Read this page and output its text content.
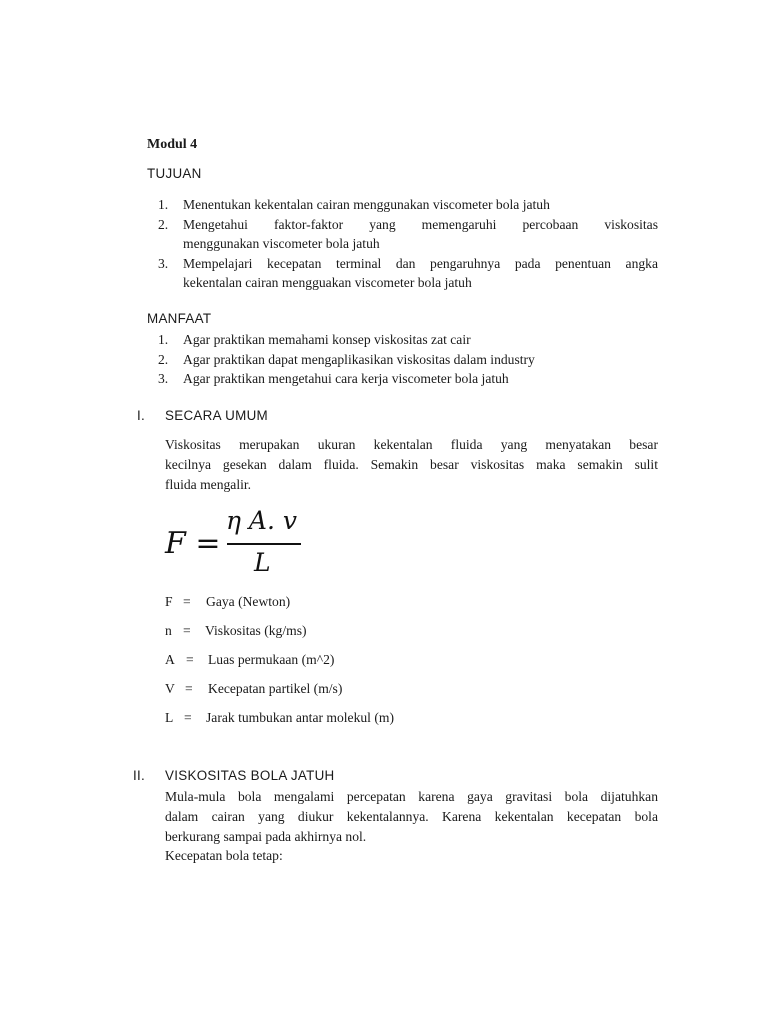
Modul 4
TUJUAN
1. Menentukan kekentalan cairan menggunakan viscometer bola jatuh
2. Mengetahui faktor-faktor yang memengaruhi percobaan viskositas
menggunakan viscometer bola jatuh
3. Mempelajari kecepatan terminal dan pengaruhnya pada penentuan angka
kekentalan cairan mengguakan viscometer bola jatuh
MANFAAT
1. Agar praktikan memahami konsep viskositas zat cair
2. Agar praktikan dapat mengaplikasikan viskositas dalam industry
3. Agar praktikan mengetahui cara kerja viscometer bola jatuh
I. SECARA UMUM
Viskositas merupakan ukuran kekentalan fluida yang menyatakan besar
kecilnya gesekan dalam fluida. Semakin besar viskositas maka semakin sulit
fluida mengalir.
F =
η A. v
L
F = Gaya (Newton)
n = Viskositas (kg/ms)
A = Luas permukaan (m^2)
V = Kecepatan partikel (m/s)
L = Jarak tumbukan antar molekul (m)
II. VISKOSITAS BOLA JATUH
Mula-mula bola mengalami percepatan karena gaya gravitasi bola dijatuhkan
dalam cairan yang diukur kekentalannya. Karena kekentalan kecepatan bola
berkurang sampai pada akhirnya nol.
Kecepatan bola tetap:
